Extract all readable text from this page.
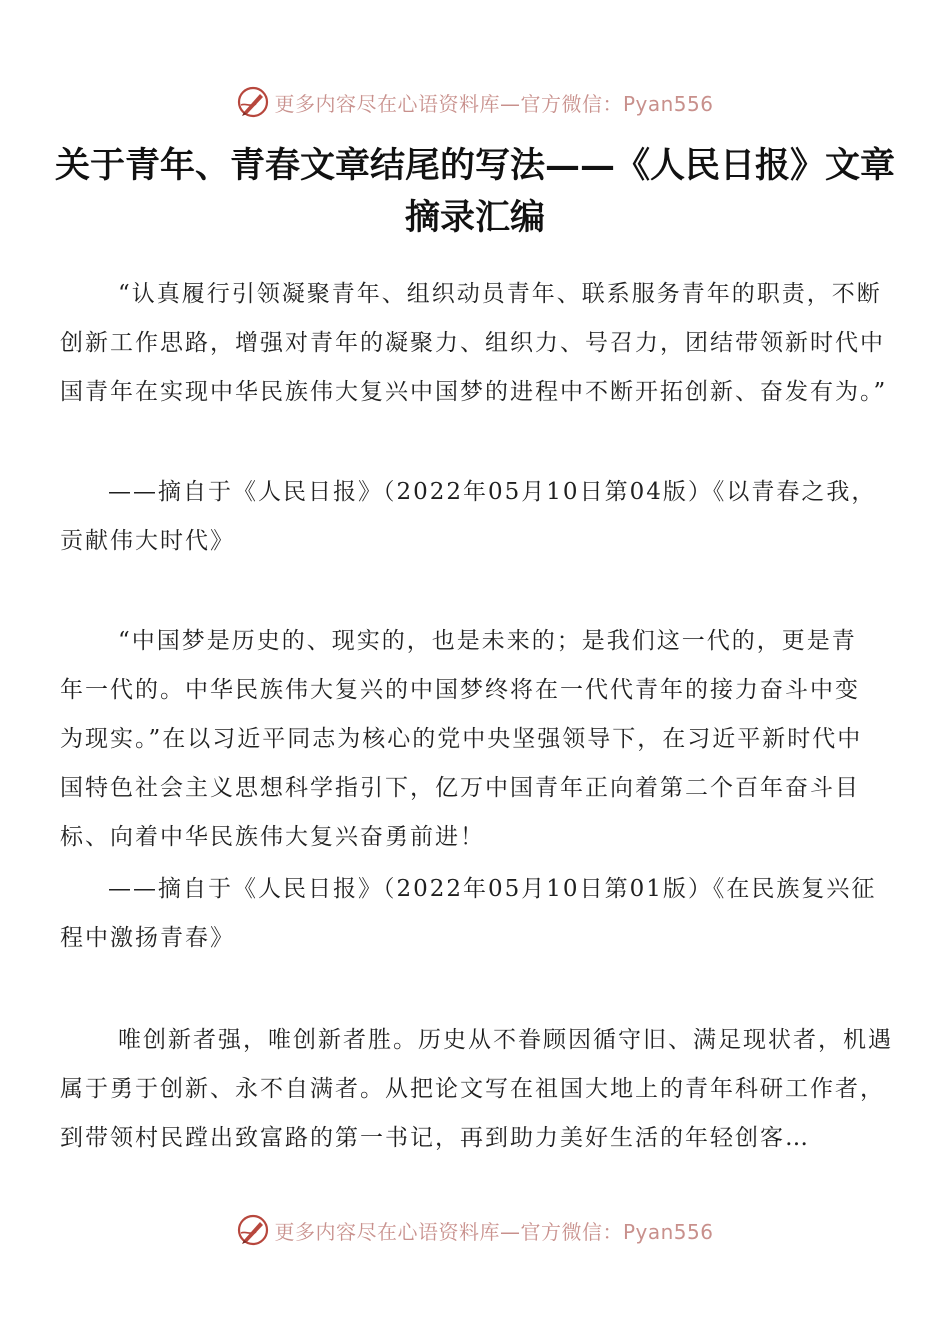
更多内容尽在心语资料库—官方微信：Pyan556
关于青年、青春文章结尾的写法——《人民日报》文章摘录汇编

“认真履行引领凝聚青年、组织动员青年、联系服务青年的职责，不断创新工作思路，增强对青年的凝聚力、组织力、号召力，团结带领新时代中国青年在实现中华民族伟大复兴中国梦的进程中不断开拓创新、奋发有为。”

——摘自于《人民日报》（2022年05月10日第04版）《以青春之我，贡献伟大时代》

“中国梦是历史的、现实的，也是未来的；是我们这一代的，更是青年一代的。中华民族伟大复兴的中国梦终将在一代代青年的接力奋斗中变为现实。”在以习近平同志为核心的党中央坚强领导下，在习近平新时代中国特色社会主义思想科学指引下，亿万中国青年正向着第二个百年奋斗目标、向着中华民族伟大复兴奋勇前进！

——摘自于《人民日报》（2022年05月10日第01版）《在民族复兴征程中激扬青春》

唯创新者强，唯创新者胜。历史从不眷顾因循守旧、满足现状者，机遇属于勇于创新、永不自满者。从把论文写在祖国大地上的青年科研工作者，到带领村民蹚出致富路的第一书记，再到助力美好生活的年轻创客…

更多内容尽在心语资料库—官方微信：Pyan556
